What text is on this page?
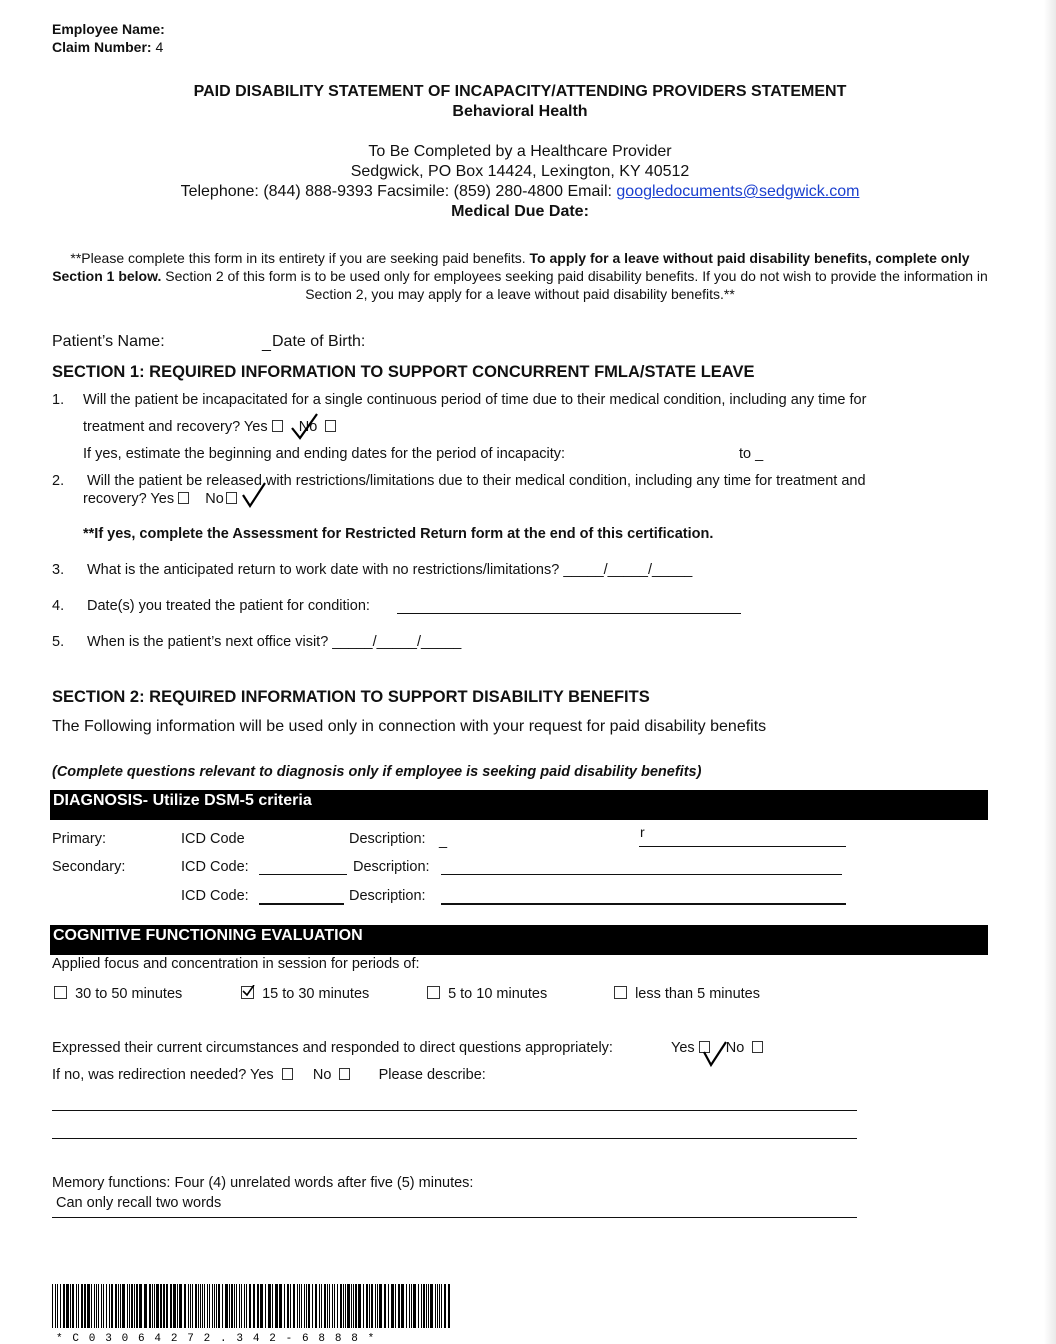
Employee Name:
Claim Number: 4
PAID DISABILITY STATEMENT OF INCAPACITY/ATTENDING PROVIDERS STATEMENT
Behavioral Health
To Be Completed by a Healthcare Provider
Sedgwick, PO Box 14424, Lexington, KY 40512
Telephone: (844) 888-9393 Facsimile: (859) 280-4800 Email: googledocuments@sedgwick.com
Medical Due Date:
**Please complete this form in its entirety if you are seeking paid benefits. To apply for a leave without paid disability benefits, complete only Section 1 below. Section 2 of this form is to be used only for employees seeking paid disability benefits. If you do not wish to provide the information in Section 2, you may apply for a leave without paid disability benefits.**
Patient’s Name:	_ Date of Birth:
SECTION 1: REQUIRED INFORMATION TO SUPPORT CONCURRENT FMLA/STATE LEAVE
1. Will the patient be incapacitated for a single continuous period of time due to their medical condition, including any time for
treatment and recovery? Yes No
If yes, estimate the beginning and ending dates for the period of incapacity:	to _
2. Will the patient be released with restrictions/limitations due to their medical condition, including any time for treatment and
recovery? Yes No
**If yes, complete the Assessment for Restricted Return form at the end of this certification.
3. What is the anticipated return to work date with no restrictions/limitations? _____/_____/_____
4. Date(s) you treated the patient for condition:
5. When is the patient’s next office visit? _____/_____/_____
SECTION 2: REQUIRED INFORMATION TO SUPPORT DISABILITY BENEFITS
The Following information will be used only in connection with your request for paid disability benefits
(Complete questions relevant to diagnosis only if employee is seeking paid disability benefits)
DIAGNOSIS- Utilize DSM-5 criteria
Primary:	ICD Code	Description: _
r
Secondary:	ICD Code:	Description:
ICD Code:	Description:
COGNITIVE FUNCTIONING EVALUATION
Applied focus and concentration in session for periods of:
30 to 50 minutes	15 to 30 minutes	5 to 10 minutes	less than 5 minutes
Expressed their current circumstances and responded to direct questions appropriately:	Yes No
If no, was redirection needed? Yes	No	Please describe:
Memory functions: Four (4) unrelated words after five (5) minutes:
Can only recall two words
* C 0 3 0 6 4 2 7 2 . 3 4 2 - 6 8 8 8 *
